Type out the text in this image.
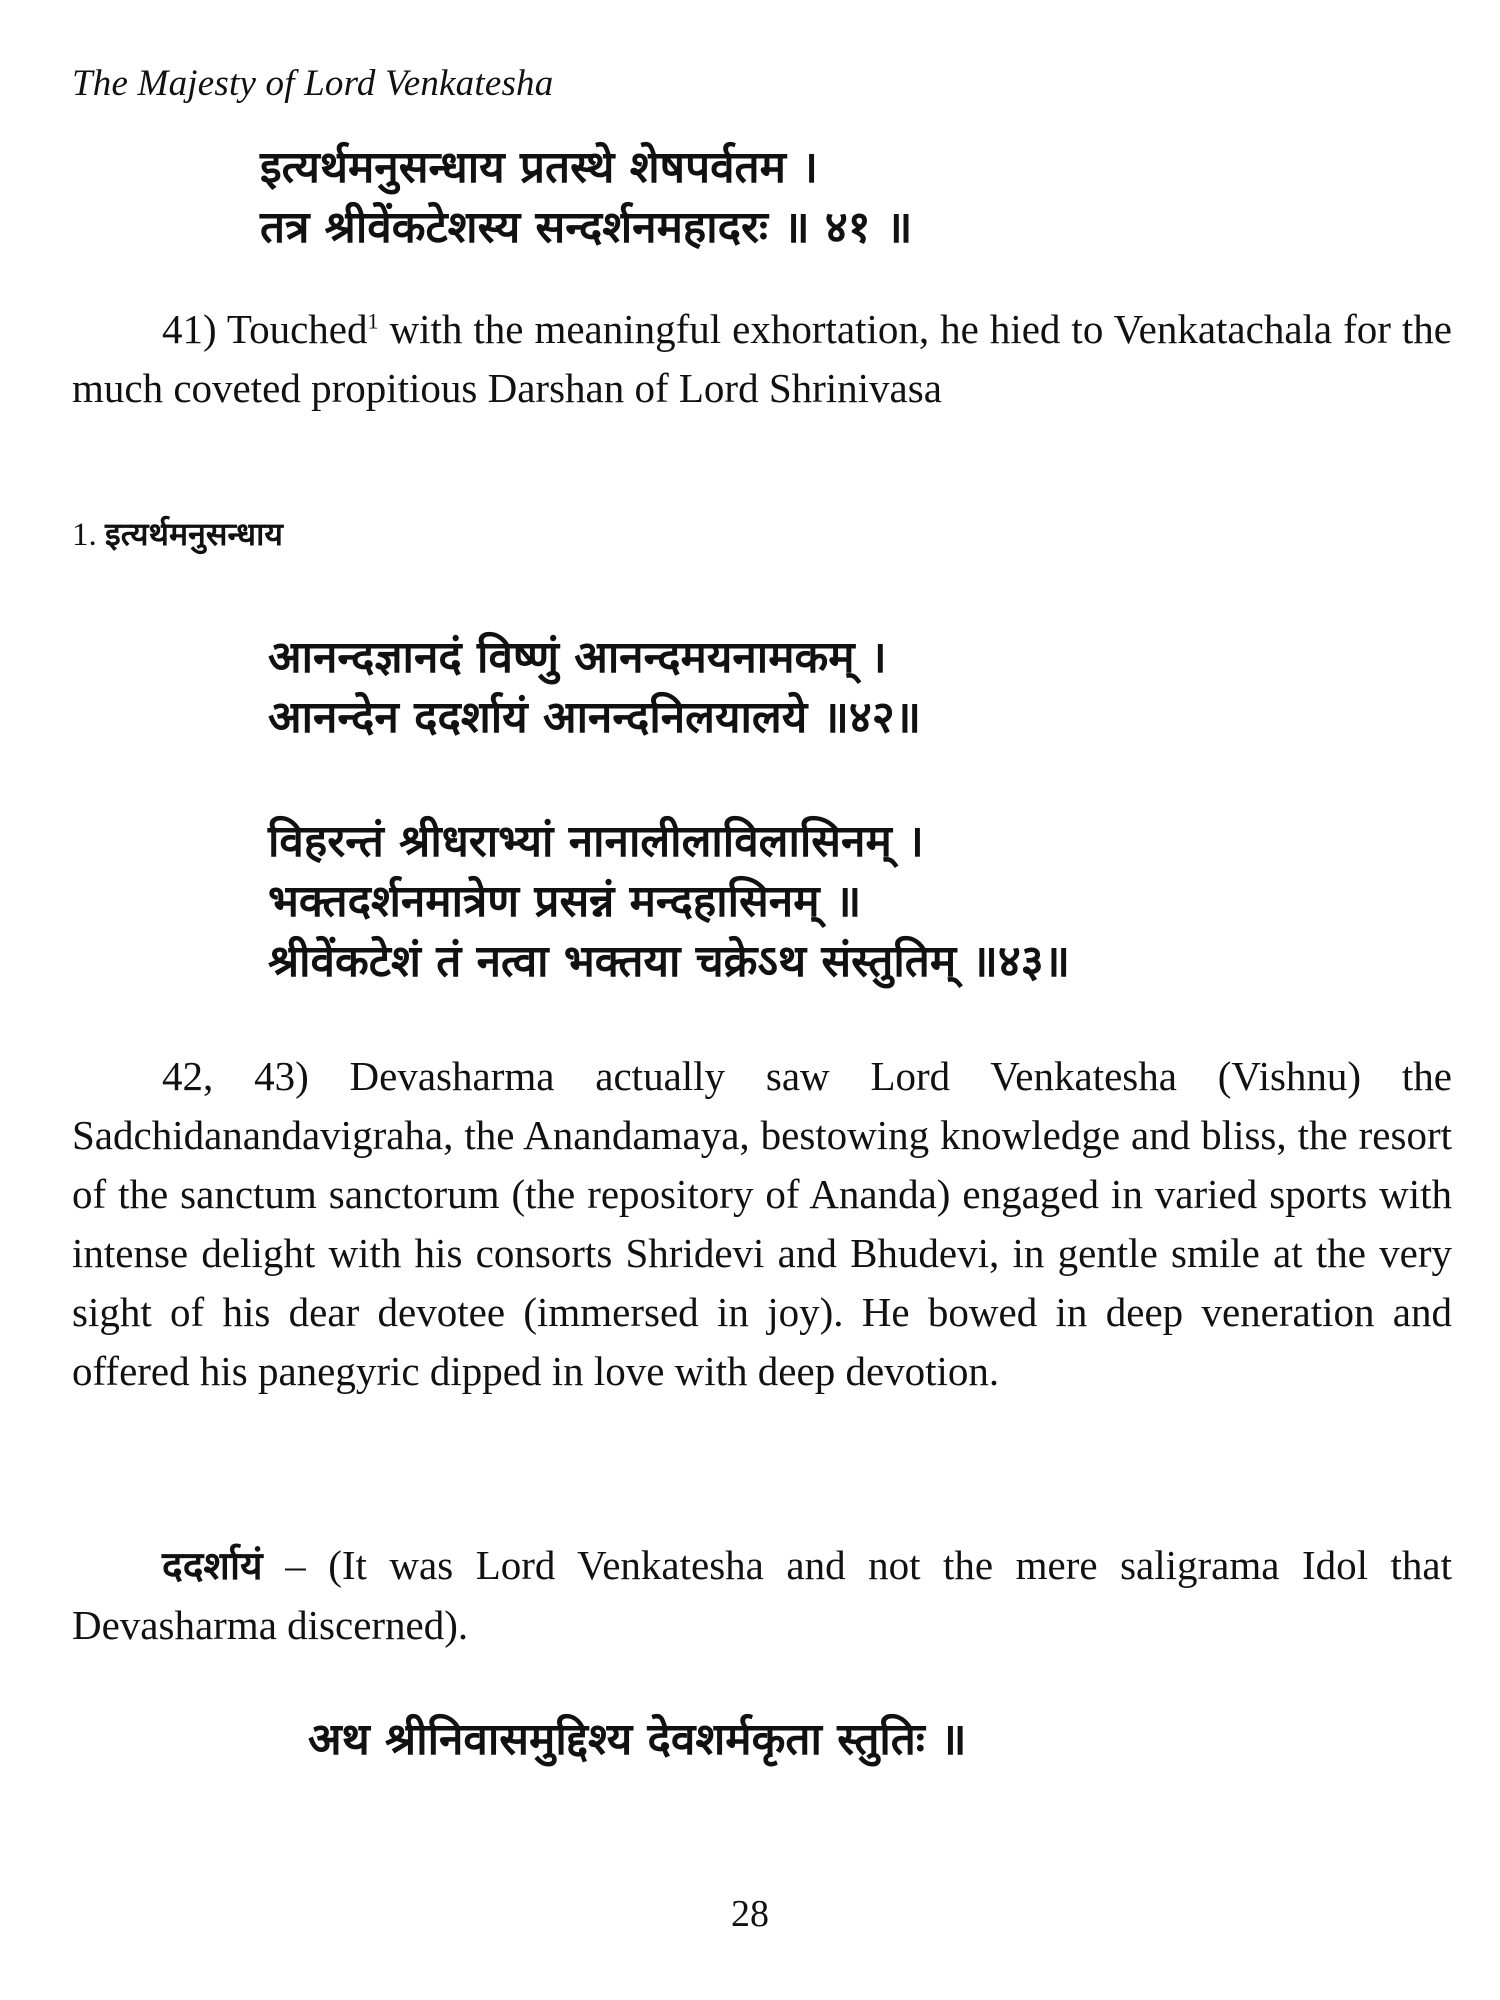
The Majesty of Lord Venkatesha
इत्यर्थमनुसन्धाय प्रतस्थे शेषपर्वतम ।
तत्र श्रीवेंकटेशस्य सन्दर्शनमहादरः ॥ ४१ ॥
41) Touched$^1$ with the meaningful exhortation, he hied to Venkatachala for the much coveted propitious Darshan of Lord Shrinivasa
1. इत्यर्थमनुसन्धाय
आनन्दज्ञानदं विष्णुं आनन्दमयनामकम् ।
आनन्देन ददर्शायं आनन्दनिलयालये ॥४२॥
विहरन्तं श्रीधराभ्यां नानालीलाविलासिनम् ।
भक्तदर्शनमात्रेण प्रसन्नं मन्दहासिनम् ॥
श्रीवेंकटेशं तं नत्वा भक्तया चक्रेऽथ संस्तुतिम् ॥४३॥
42, 43) Devasharma actually saw Lord Venkatesha (Vishnu) the Sadchidanandavigraha, the Anandamaya, bestowing knowledge and bliss, the resort of the sanctum sanctorum (the repository of Ananda) engaged in varied sports with intense delight with his consorts Shridevi and Bhudevi, in gentle smile at the very sight of his dear devotee (immersed in joy). He bowed in deep veneration and offered his panegyric dipped in love with deep devotion.
ददर्शायं – (It was Lord Venkatesha and not the mere saligrama Idol that Devasharma discerned).
अथ श्रीनिवासमुद्दिश्य देवशर्मकृता स्तुतिः ॥
28
